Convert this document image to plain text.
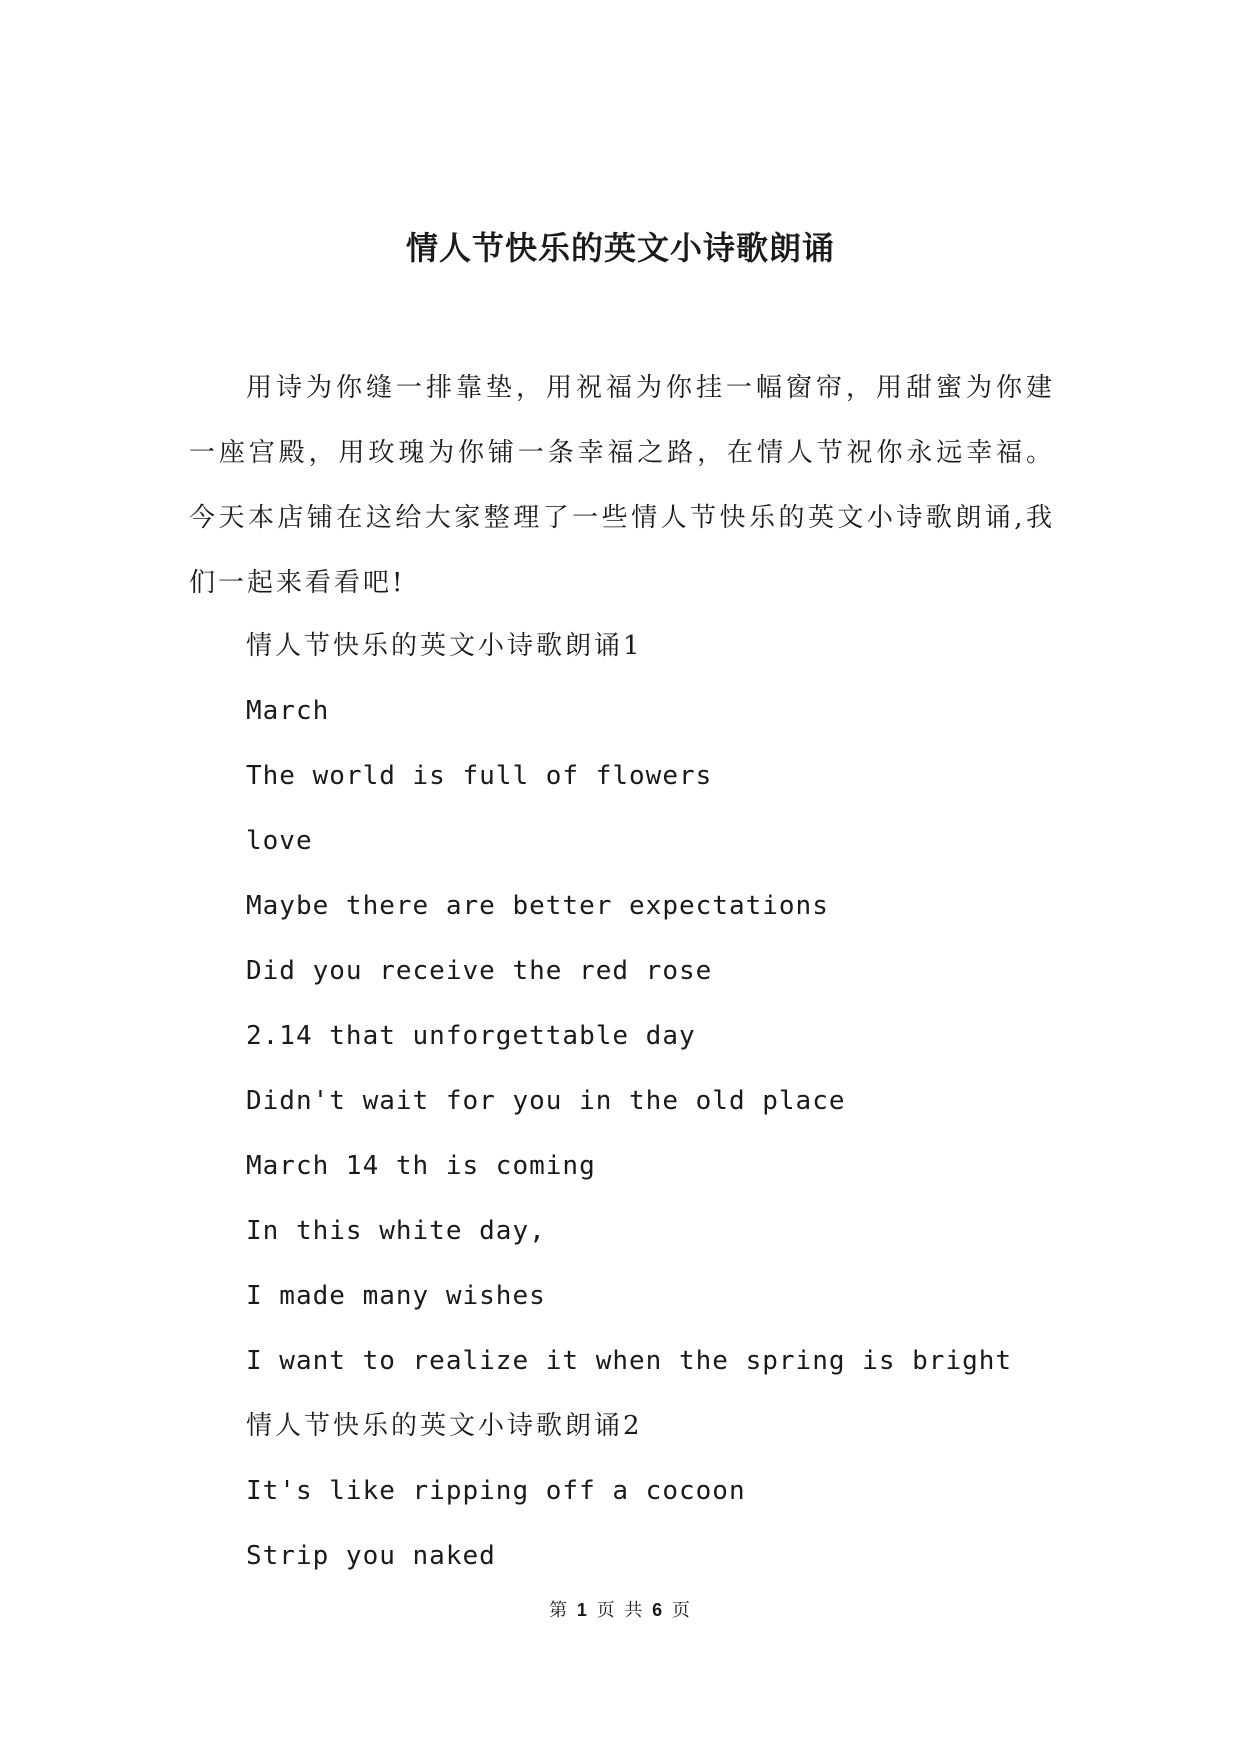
情人节快乐的英文小诗歌朗诵

用诗为你缝一排靠垫，用祝福为你挂一幅窗帘，用甜蜜为你建一座宫殿，用玫瑰为你铺一条幸福之路，在情人节祝你永远幸福。今天本店铺在这给大家整理了一些情人节快乐的英文小诗歌朗诵,我们一起来看看吧!

情人节快乐的英文小诗歌朗诵1
March
The world is full of flowers
love
Maybe there are better expectations
Did you receive the red rose
2.14 that unforgettable day
Didn't wait for you in the old place
March 14 th is coming
In this white day,
I made many wishes
I want to realize it when the spring is bright
情人节快乐的英文小诗歌朗诵2
It's like ripping off a cocoon
Strip you naked
第 1 页 共 6 页
